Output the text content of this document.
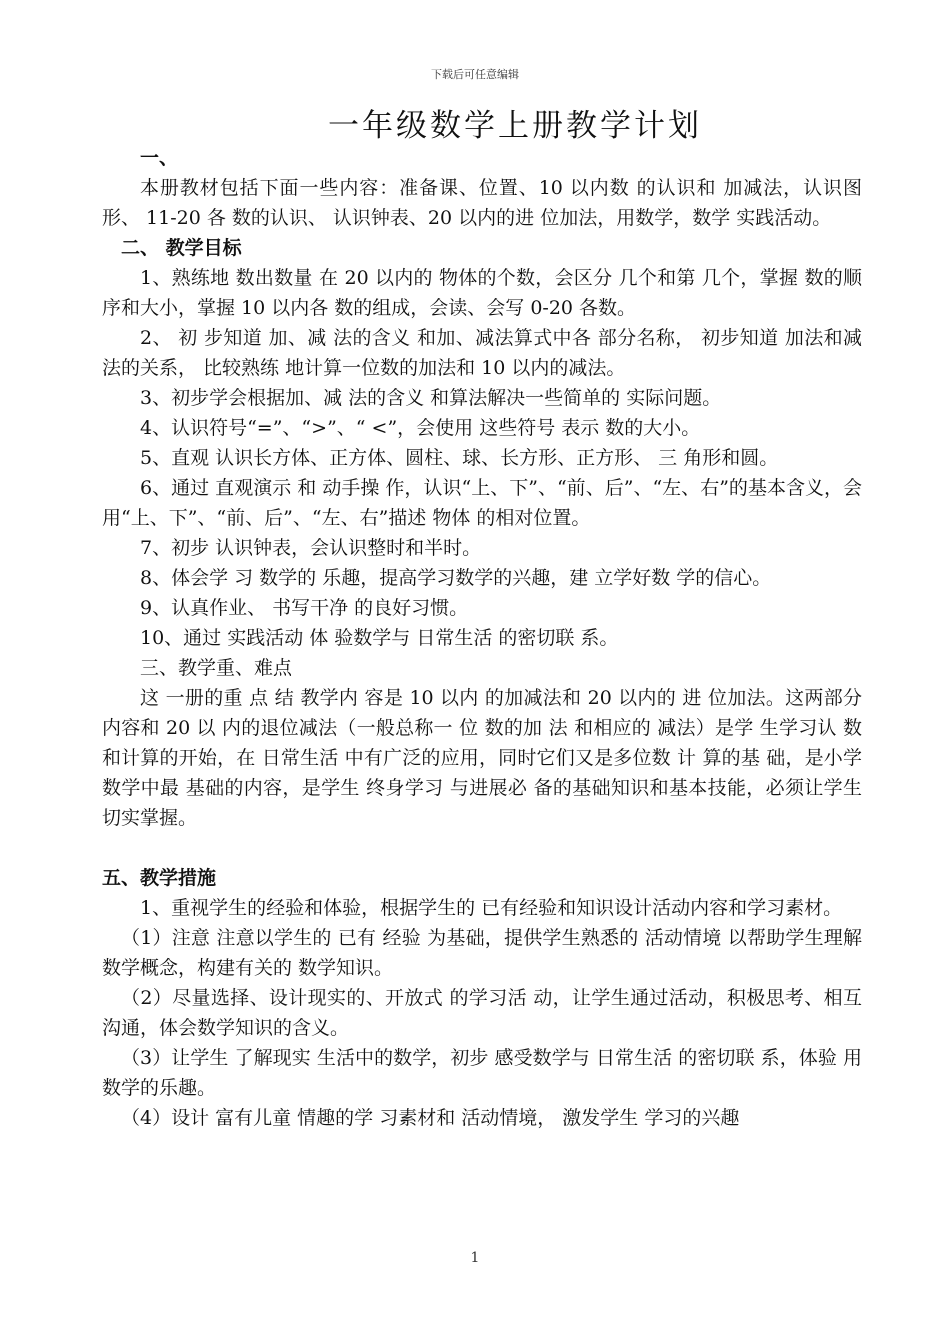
下载后可任意编辑
一年级数学上册教学计划

一、

本册教材包括下面一些内容：准备课、位置、10 以内数 的认识和 加减法，认识图形、 11-20 各 数的认识、 认识钟表、20 以内的进 位加法，用数学，数学 实践活动。

二、 教学目标

1、熟练地 数出数量 在 20 以内的 物体的个数，会区分 几个和第 几个，掌握 数的顺序和大小，掌握 10 以内各 数的组成，会读、会写 0-20 各数。

2、 初 步知道 加、减 法的含义 和加、减法算式中各 部分名称， 初步知道 加法和减 法的关系， 比较熟练 地计算一位数的加法和 10 以内的减法。

3、初步学会根据加、减 法的含义 和算法解决一些简单的 实际问题。

4、认识符号“=”、“>”、“ <”，会使用 这些符号 表示 数的大小。

5、直观 认识长方体、正方体、圆柱、球、长方形、正方形、 三 角形和圆。

6、通过 直观演示 和 动手操 作，认识“上、下”、“前、后”、“左、右”的基本含义，会用“上、下”、“前、后”、“左、右”描述 物体 的相对位置。

7、初步 认识钟表，会认识整时和半时。

8、体会学 习 数学的 乐趣，提高学习数学的兴趣，建 立学好数 学的信心。

9、认真作业、 书写干净 的良好习惯。

10、通过 实践活动 体 验数学与 日常生活 的密切联 系。

三、教学重、难点

这 一册的重 点 结 教学内 容是 10 以内 的加减法和 20 以内的 进 位加法。这两部分内容和 20 以 内的退位减法（一般总称一 位 数的加 法 和相应的 减法）是学 生学习认 数和计算的开始，在 日常生活 中有广泛的应用，同时它们又是多位数 计 算的基 础，是小学数学中最 基础的内容，是学生 终身学习 与进展必 备的基础知识和基本技能，必须让学生 切实掌握。

五、教学措施

1、重视学生的经验和体验，根据学生的 已有经验和知识设计活动内容和学习素材。

（1）注意 注意以学生的 已有 经验 为基础，提供学生熟悉的 活动情境 以帮助学生理解数学概念，构建有关的 数学知识。

（2）尽量选择、设计现实的、开放式 的学习活 动，让学生通过活动，积极思考、相互沟通，体会数学知识的含义。

（3）让学生 了解现实 生活中的数学，初步 感受数学与 日常生活 的密切联 系，体验 用 数学的乐趣。

（4）设计 富有儿童 情趣的学 习素材和 活动情境， 激发学生 学习的兴趣

1
